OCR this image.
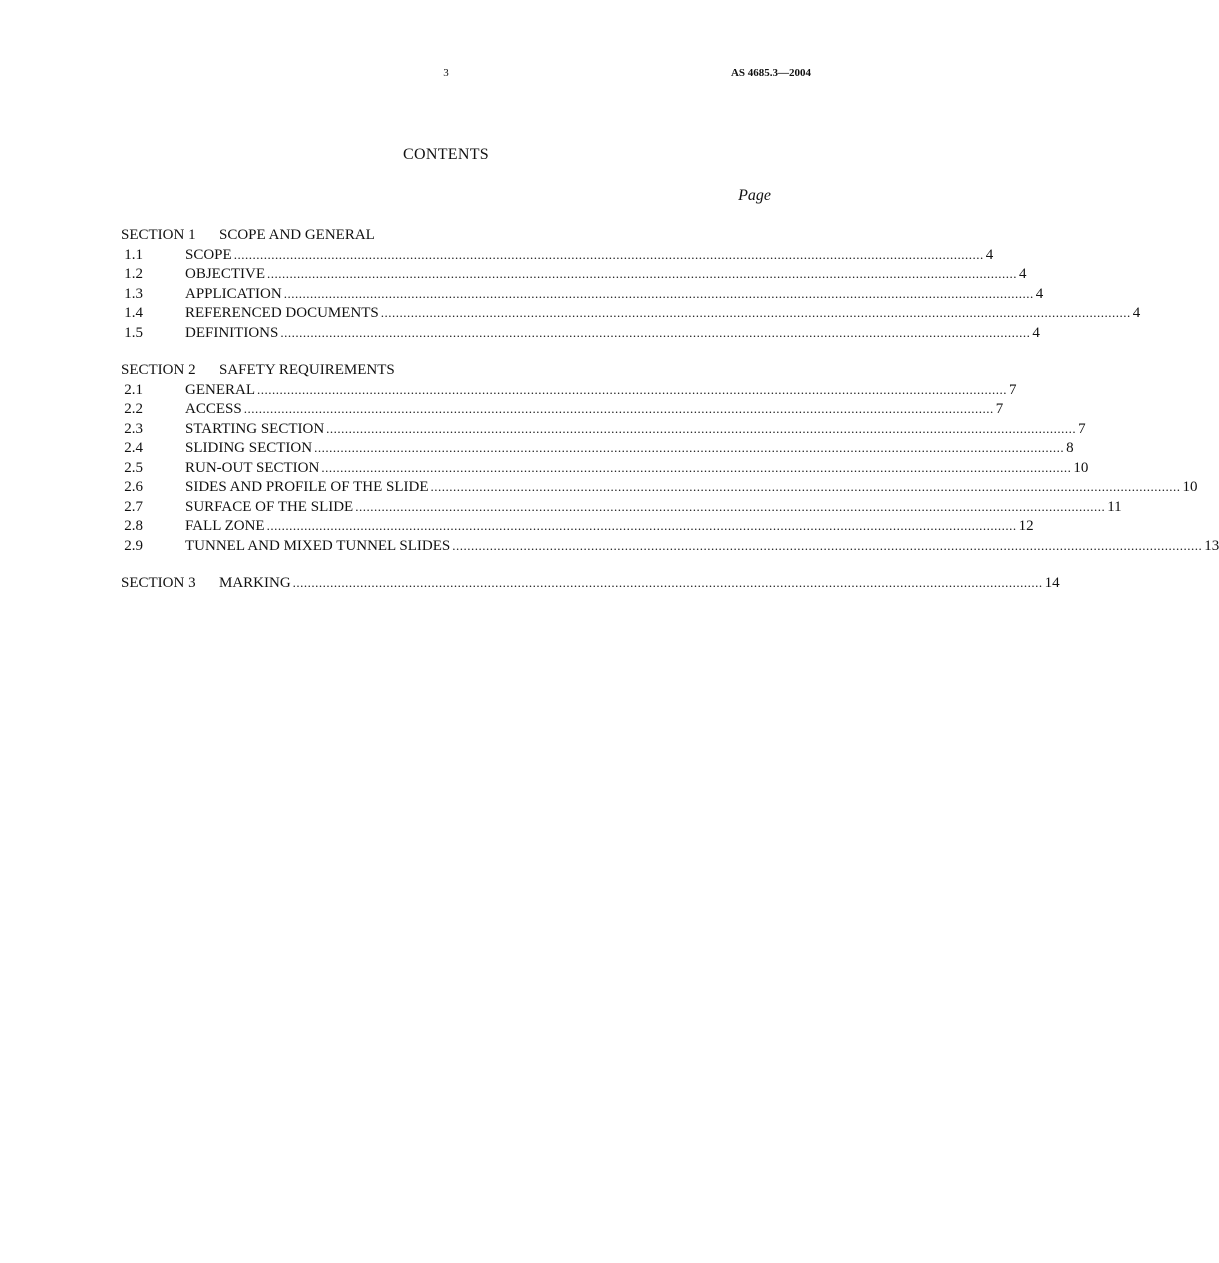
3	AS 4685.3—2004
CONTENTS
Page
SECTION 1 SCOPE AND GENERAL
1.1	SCOPE ........................................................................................................................................................................................................ 4
1.2	OBJECTIVE ........................................................................................................................................................................................................ 4
1.3	APPLICATION ........................................................................................................................................................................................................ 4
1.4	REFERENCED DOCUMENTS ........................................................................................................................................................................................................ 4
1.5	DEFINITIONS ........................................................................................................................................................................................................ 4
SECTION 2 SAFETY REQUIREMENTS
2.1	GENERAL ........................................................................................................................................................................................................ 7
2.2	ACCESS ........................................................................................................................................................................................................ 7
2.3	STARTING SECTION ........................................................................................................................................................................................................ 7
2.4	SLIDING SECTION ........................................................................................................................................................................................................ 8
2.5	RUN-OUT SECTION ........................................................................................................................................................................................................ 10
2.6	SIDES AND PROFILE OF THE SLIDE ........................................................................................................................................................................................................ 10
2.7	SURFACE OF THE SLIDE ........................................................................................................................................................................................................ 11
2.8	FALL ZONE ........................................................................................................................................................................................................ 12
2.9	TUNNEL AND MIXED TUNNEL SLIDES ........................................................................................................................................................................................................ 13
SECTION 3	MARKING ........................................................................................................................................................................................................ 14
